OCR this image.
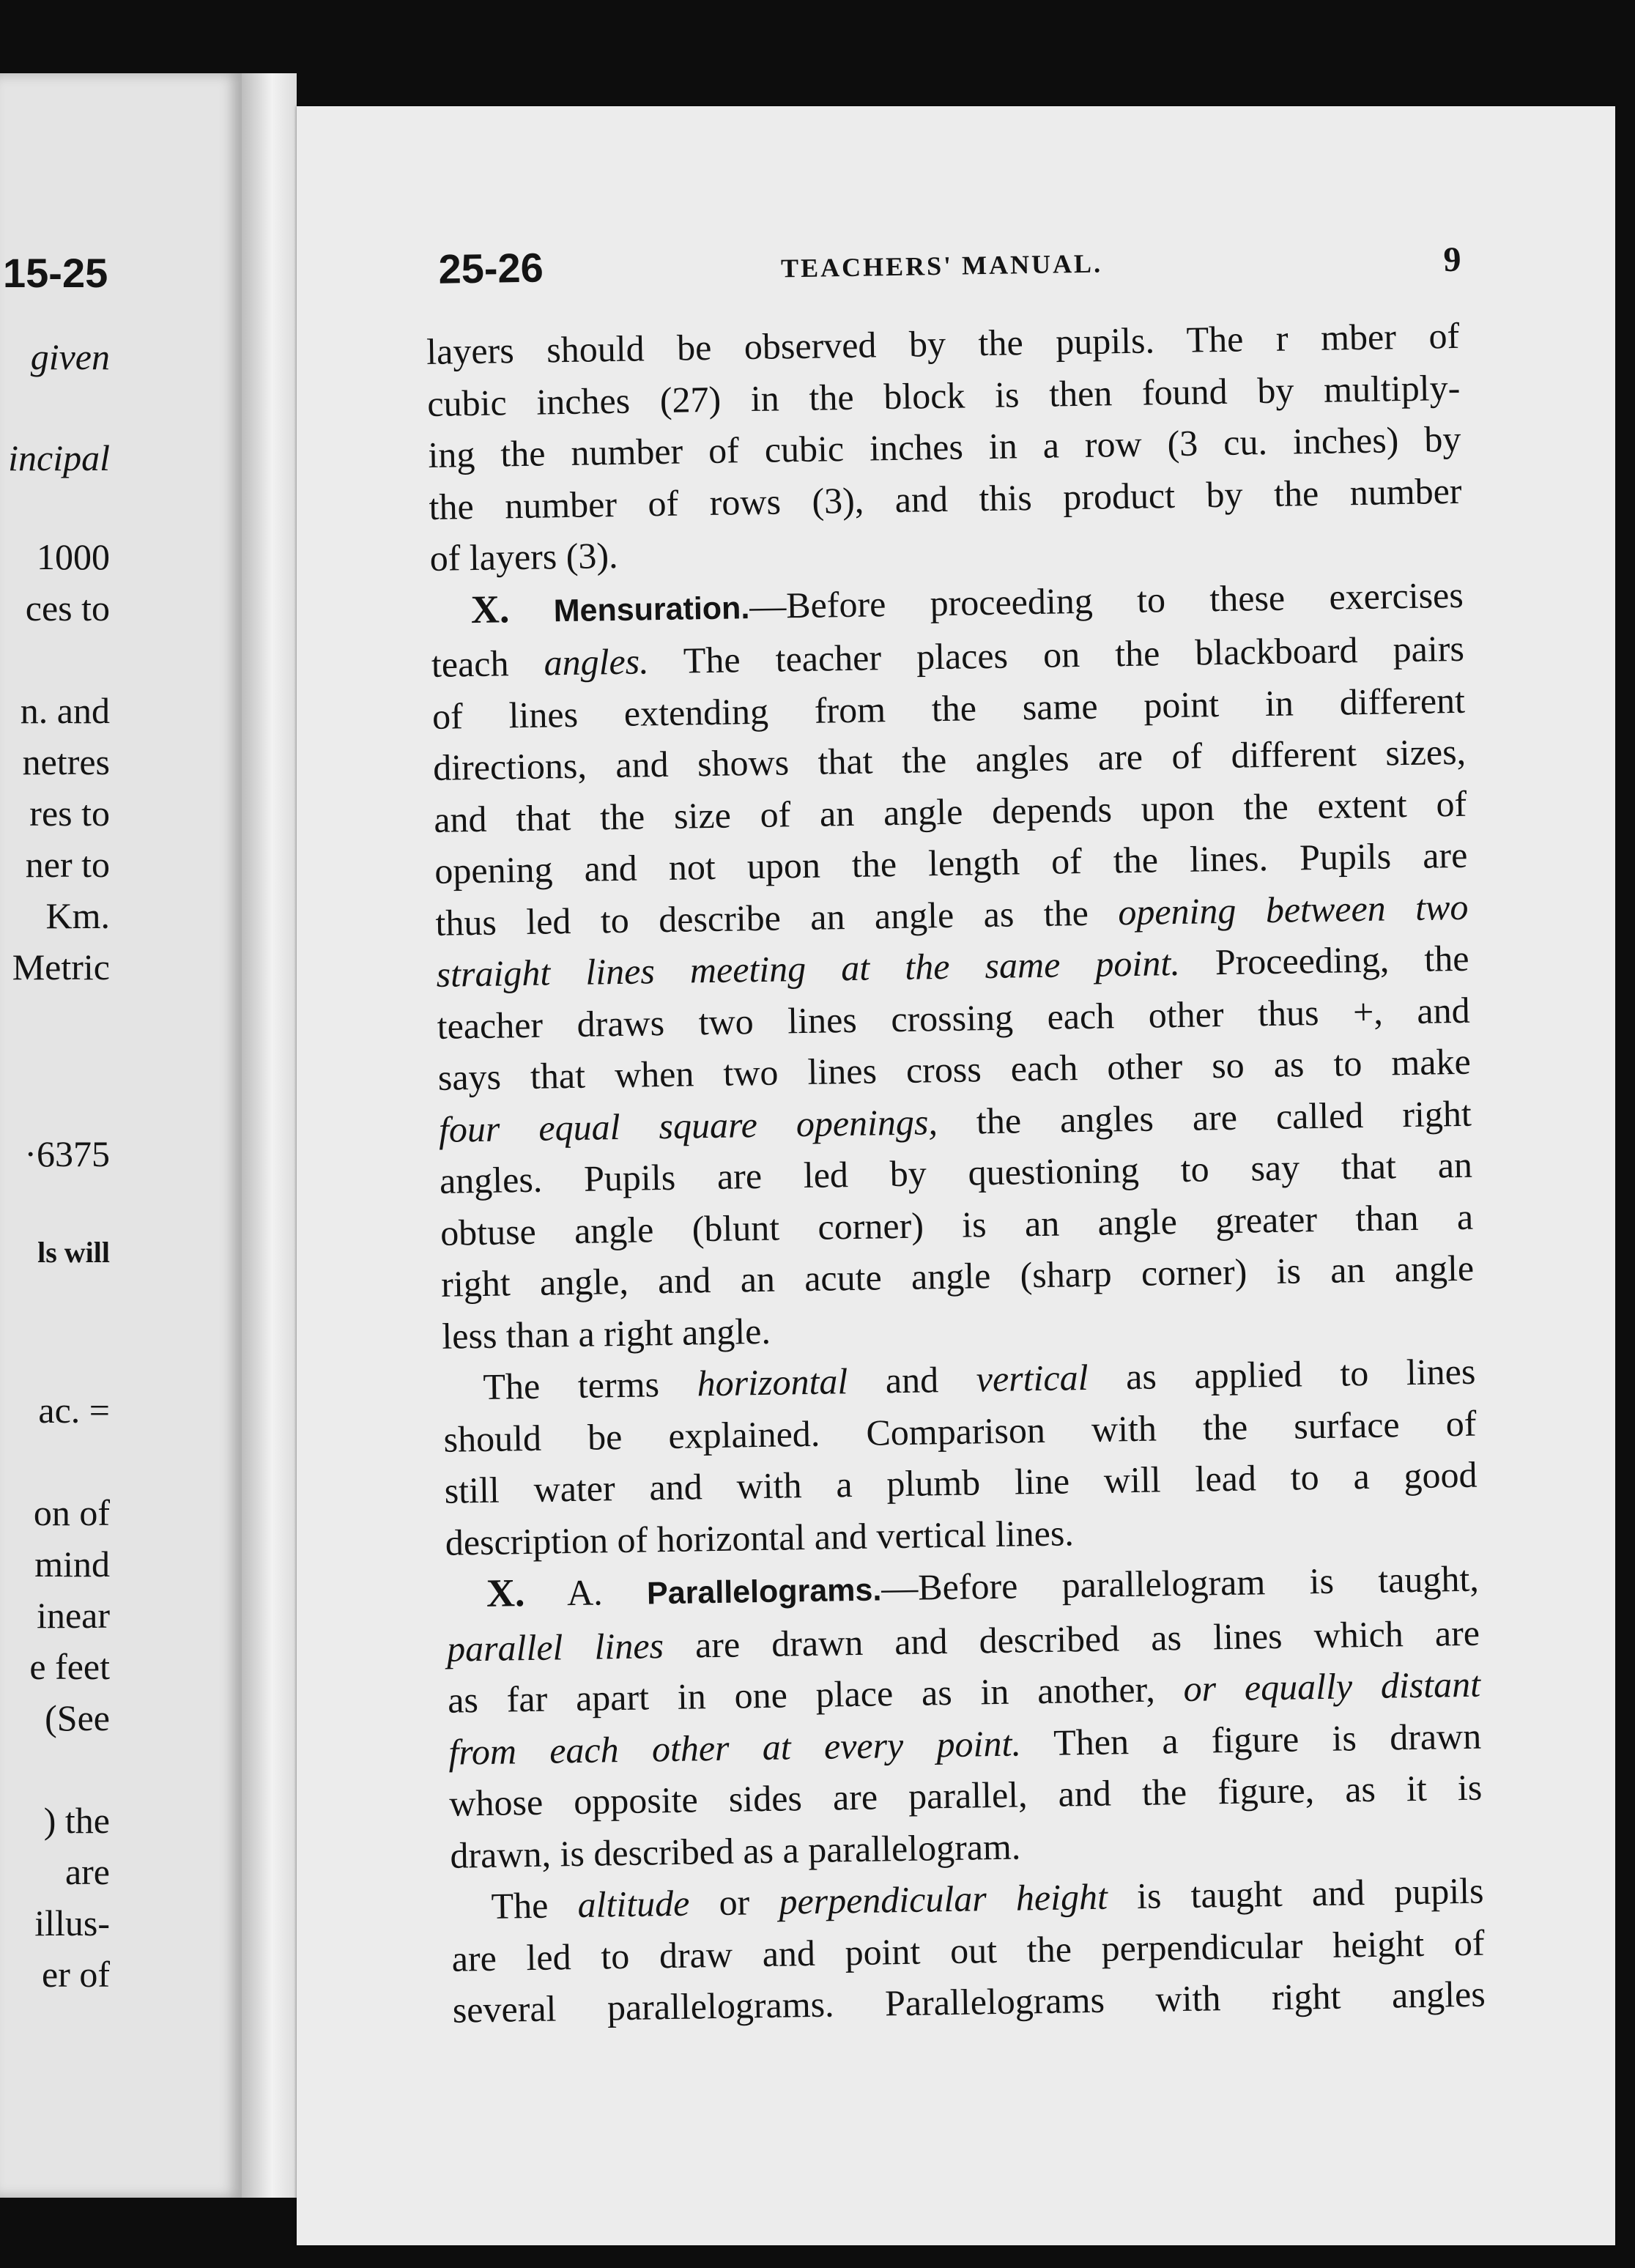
15-25
given
incipal
1000
ces to
n. and
netres
res to
ner to
Km.
Metric
·6375
ls will
ac. =
on of
mind
inear
e feet
(See
) the
are
illus-
er of
25-26	TEACHERS' MANUAL.	9

layers should be observed by the pupils. The r mber of

cubic inches (27) in the block is then found by multiply-

ing the number of cubic inches in a row (3 cu. inches) by

the number of rows (3), and this product by the number

of layers (3).

X. Mensuration.—Before proceeding to these exercises

teach angles. The teacher places on the blackboard pairs

of lines extending from the same point in different

directions, and shows that the angles are of different sizes,

and that the size of an angle depends upon the extent of

opening and not upon the length of the lines. Pupils are

thus led to describe an angle as the opening between two

straight lines meeting at the same point. Proceeding, the

teacher draws two lines crossing each other thus +, and

says that when two lines cross each other so as to make

four equal square openings, the angles are called right

angles. Pupils are led by questioning to say that an

obtuse angle (blunt corner) is an angle greater than a

right angle, and an acute angle (sharp corner) is an angle

less than a right angle.

The terms horizontal and vertical as applied to lines

should be explained. Comparison with the surface of

still water and with a plumb line will lead to a good

description of horizontal and vertical lines.

X. A. Parallelograms.—Before parallelogram is taught,

parallel lines are drawn and described as lines which are

as far apart in one place as in another, or equally distant

from each other at every point. Then a figure is drawn

whose opposite sides are parallel, and the figure, as it is

drawn, is described as a parallelogram.

The altitude or perpendicular height is taught and pupils

are led to draw and point out the perpendicular height of

several parallelograms. Parallelograms with right angles
